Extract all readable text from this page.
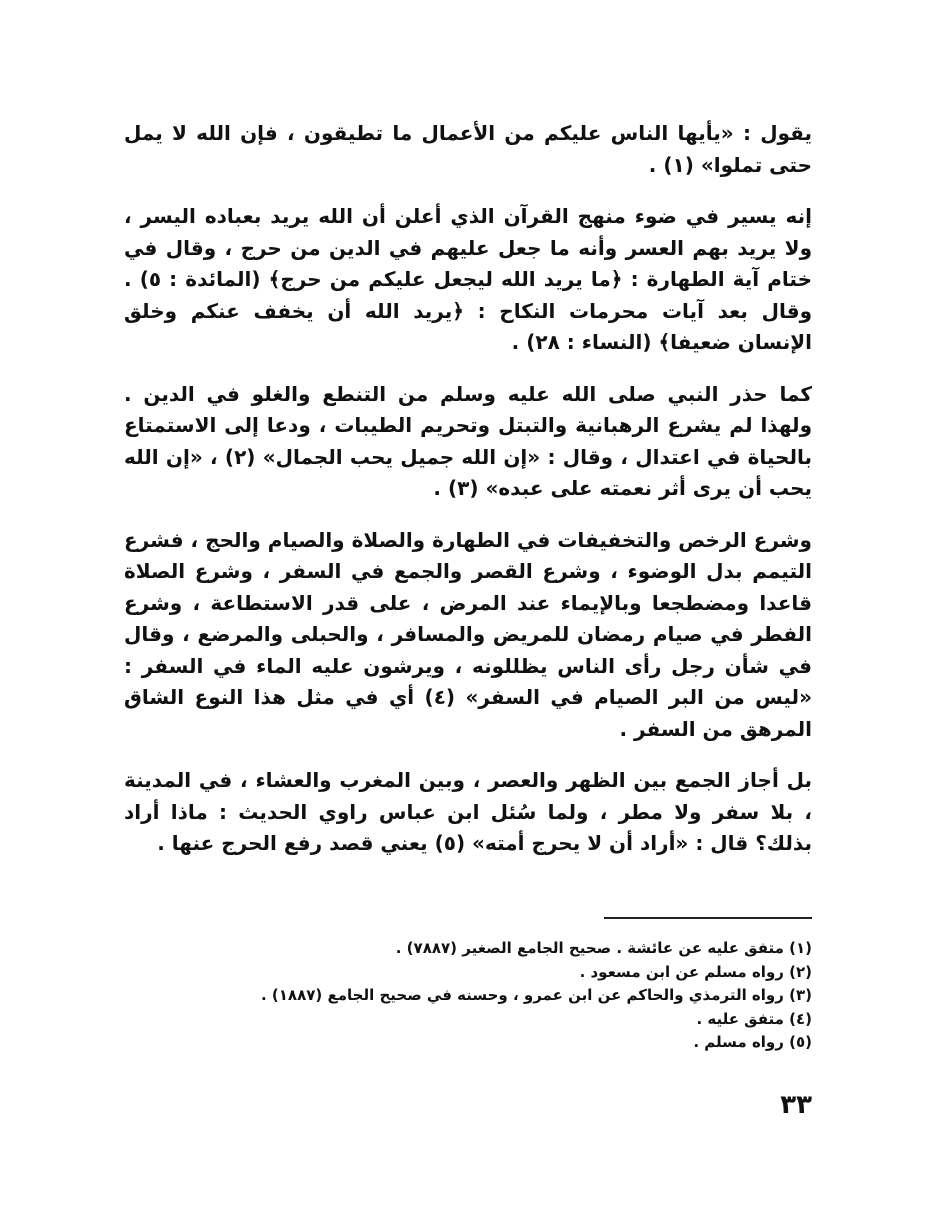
يقول : «يأيها الناس عليكم من الأعمال ما تطيقون ، فإن الله لا يمل حتى تملوا» (١) .

إنه يسير في ضوء منهج القرآن الذي أعلن أن الله يريد بعباده اليسر ، ولا يريد بهم العسر وأنه ما جعل عليهم في الدين من حرج ، وقال في ختام آية الطهارة : ﴿ما يريد الله ليجعل عليكم من حرج﴾ (المائدة : ٥) . وقال بعد آيات محرمات النكاح : ﴿يريد الله أن يخفف عنكم وخلق الإنسان ضعيفا﴾ (النساء : ٢٨) .

كما حذر النبي صلى الله عليه وسلم من التنطع والغلو في الدين . ولهذا لم يشرع الرهبانية والتبتل وتحريم الطيبات ، ودعا إلى الاستمتاع بالحياة في اعتدال ، وقال : «إن الله جميل يحب الجمال» (٢) ، «إن الله يحب أن يرى أثر نعمته على عبده» (٣) .

وشرع الرخص والتخفيفات في الطهارة والصلاة والصيام والحج ، فشرع التيمم بدل الوضوء ، وشرع القصر والجمع في السفر ، وشرع الصلاة قاعدا ومضطجعا وبالإيماء عند المرض ، على قدر الاستطاعة ، وشرع الفطر في صيام رمضان للمريض والمسافر ، والحبلى والمرضع ، وقال في شأن رجل رأى الناس يظللونه ، ويرشون عليه الماء في السفر : «ليس من البر الصيام في السفر» (٤) أي في مثل هذا النوع الشاق المرهق من السفر .

بل أجاز الجمع بين الظهر والعصر ، وبين المغرب والعشاء ، في المدينة ، بلا سفر ولا مطر ، ولما سُئل ابن عباس راوي الحديث : ماذا أراد بذلك؟ قال : «أراد أن لا يحرج أمته» (٥) يعني قصد رفع الحرج عنها .

(١) متفق عليه عن عائشة . صحيح الجامع الصغير (٧٨٨٧) .
(٢) رواه مسلم عن ابن مسعود .
(٣) رواه الترمذي والحاكم عن ابن عمرو ، وحسنه في صحيح الجامع (١٨٨٧) .
(٤) متفق عليه .
(٥) رواه مسلم .
٣٣
